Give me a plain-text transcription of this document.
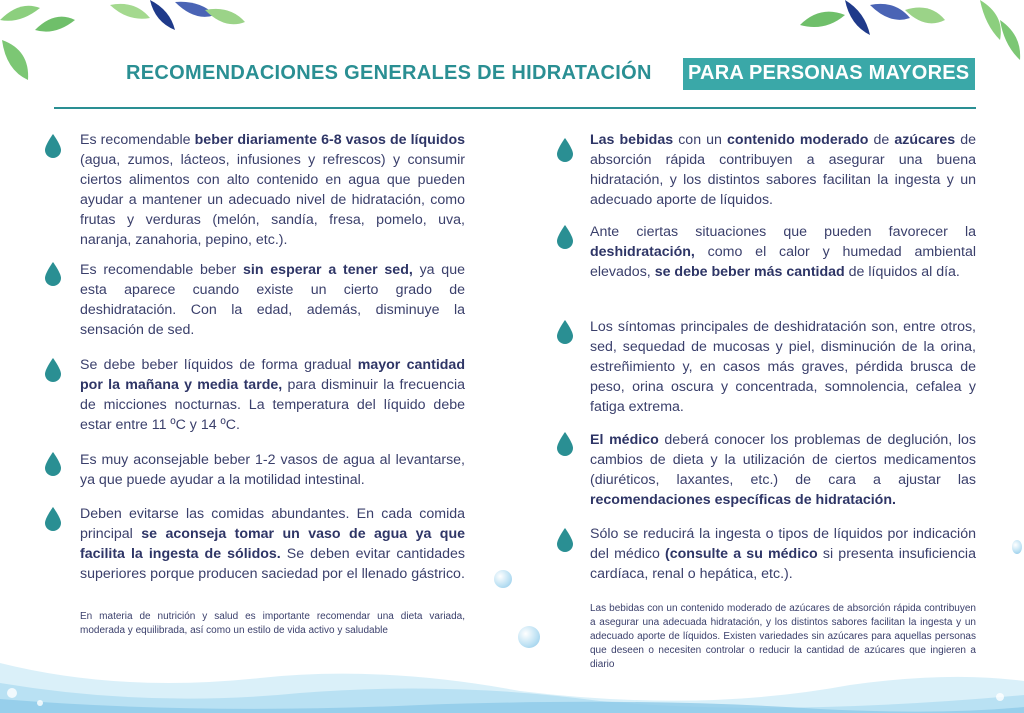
RECOMENDACIONES GENERALES DE HIDRATACIÓN PARA PERSONAS MAYORES
Es recomendable beber diariamente 6-8 vasos de líquidos (agua, zumos, lácteos, infusiones y refrescos) y consumir ciertos alimentos con alto contenido en agua que pueden ayudar a mantener un adecuado nivel de hidratación, como frutas y verduras (melón, sandía, fresa, pomelo, uva, naranja, zanahoria, pepino, etc.).
Es recomendable beber sin esperar a tener sed, ya que esta aparece cuando existe un cierto grado de deshidratación. Con la edad, además, disminuye la sensación de sed.
Se debe beber líquidos de forma gradual mayor cantidad por la mañana y media tarde, para disminuir la frecuencia de micciones nocturnas. La temperatura del líquido debe estar entre 11 ºC y 14 ºC.
Es muy aconsejable beber 1-2 vasos de agua al levantarse, ya que puede ayudar a la motilidad intestinal.
Deben evitarse las comidas abundantes. En cada comida principal se aconseja tomar un vaso de agua ya que facilita la ingesta de sólidos. Se deben evitar cantidades superiores porque producen saciedad por el llenado gástrico.
En materia de nutrición y salud es importante recomendar una dieta variada, moderada y equilibrada, así como un estilo de vida activo y saludable
Las bebidas con un contenido moderado de azúcares de absorción rápida contribuyen a asegurar una buena hidratación, y los distintos sabores facilitan la ingesta y un adecuado aporte de líquidos.
Ante ciertas situaciones que pueden favorecer la deshidratación, como el calor y humedad ambiental elevados, se debe beber más cantidad de líquidos al día.
Los síntomas principales de deshidratación son, entre otros, sed, sequedad de mucosas y piel, disminución de la orina, estreñimiento y, en casos más graves, pérdida brusca de peso, orina oscura y concentrada, somnolencia, cefalea y fatiga extrema.
El médico deberá conocer los problemas de deglución, los cambios de dieta y la utilización de ciertos medicamentos (diuréticos, laxantes, etc.) de cara a ajustar las recomendaciones específicas de hidratación.
Sólo se reducirá la ingesta o tipos de líquidos por indicación del médico (consulte a su médico si presenta insuficiencia cardíaca, renal o hepática, etc.).
Las bebidas con un contenido moderado de azúcares de absorción rápida contribuyen a asegurar una adecuada hidratación, y los distintos sabores facilitan la ingesta y un adecuado aporte de líquidos. Existen variedades sin azúcares para aquellas personas que deseen o necesiten controlar o reducir la cantidad de azúcares que ingieren a diario
